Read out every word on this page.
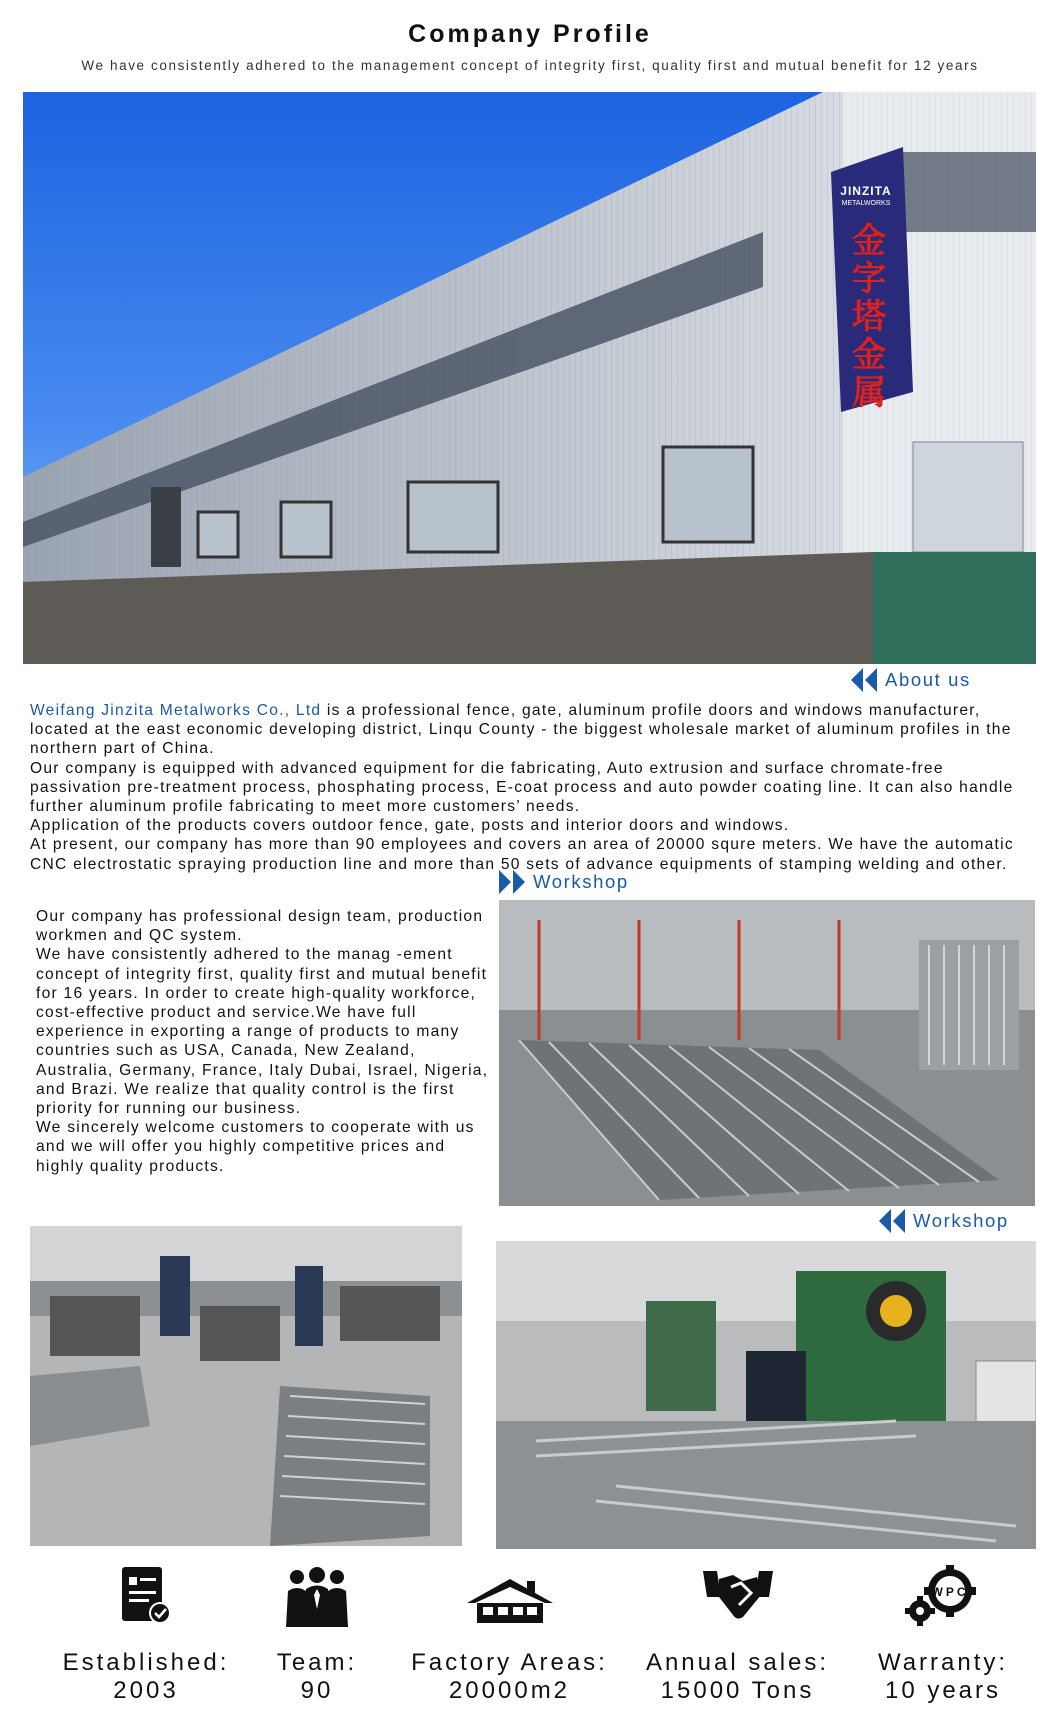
Company Profile
We have consistently adhered to the management concept of integrity first, quality first and mutual benefit for 12 years
JINZITA
METALWORKS
金字塔金属
About us

Weifang Jinzita Metalworks Co., Ltd is a professional fence, gate, aluminum profile doors and windows manufacturer, located at the east economic developing district, Linqu County - the biggest wholesale market of aluminum profiles in the northern part of China.

Our company is equipped with advanced equipment for die fabricating, Auto extrusion and surface chromate-free passivation pre-treatment process, phosphating process, E-coat process and auto powder coating line. It can also handle further aluminum profile fabricating to meet more customers’ needs.

Application of the products covers outdoor fence, gate, posts and interior doors and windows.

At present, our company has more than 90 employees and covers an area of 20000 squre meters. We have the automatic CNC electrostatic spraying production line and more than 50 sets of advance equipments of stamping welding and other.

Workshop

Our company has professional design team, production workmen and QC system.

We have consistently adhered to the manag -ement concept of integrity first, quality first and mutual benefit for 16 years. In order to create high-quality workforce, cost-effective product and service.We have full experience in exporting a range of products to many countries such as USA, Canada, New Zealand, Australia, Germany, France, Italy Dubai, Israel, Nigeria, and Brazi. We realize that quality control is the first priority for running our business.

We sincerely welcome customers to cooperate with us and we will offer you highly competitive prices and highly quality products.

Workshop
Established:
2003
Team:
90
Factory Areas:
20000m2
Annual sales:
15000 Tons
WPC
Warranty:
10 years
